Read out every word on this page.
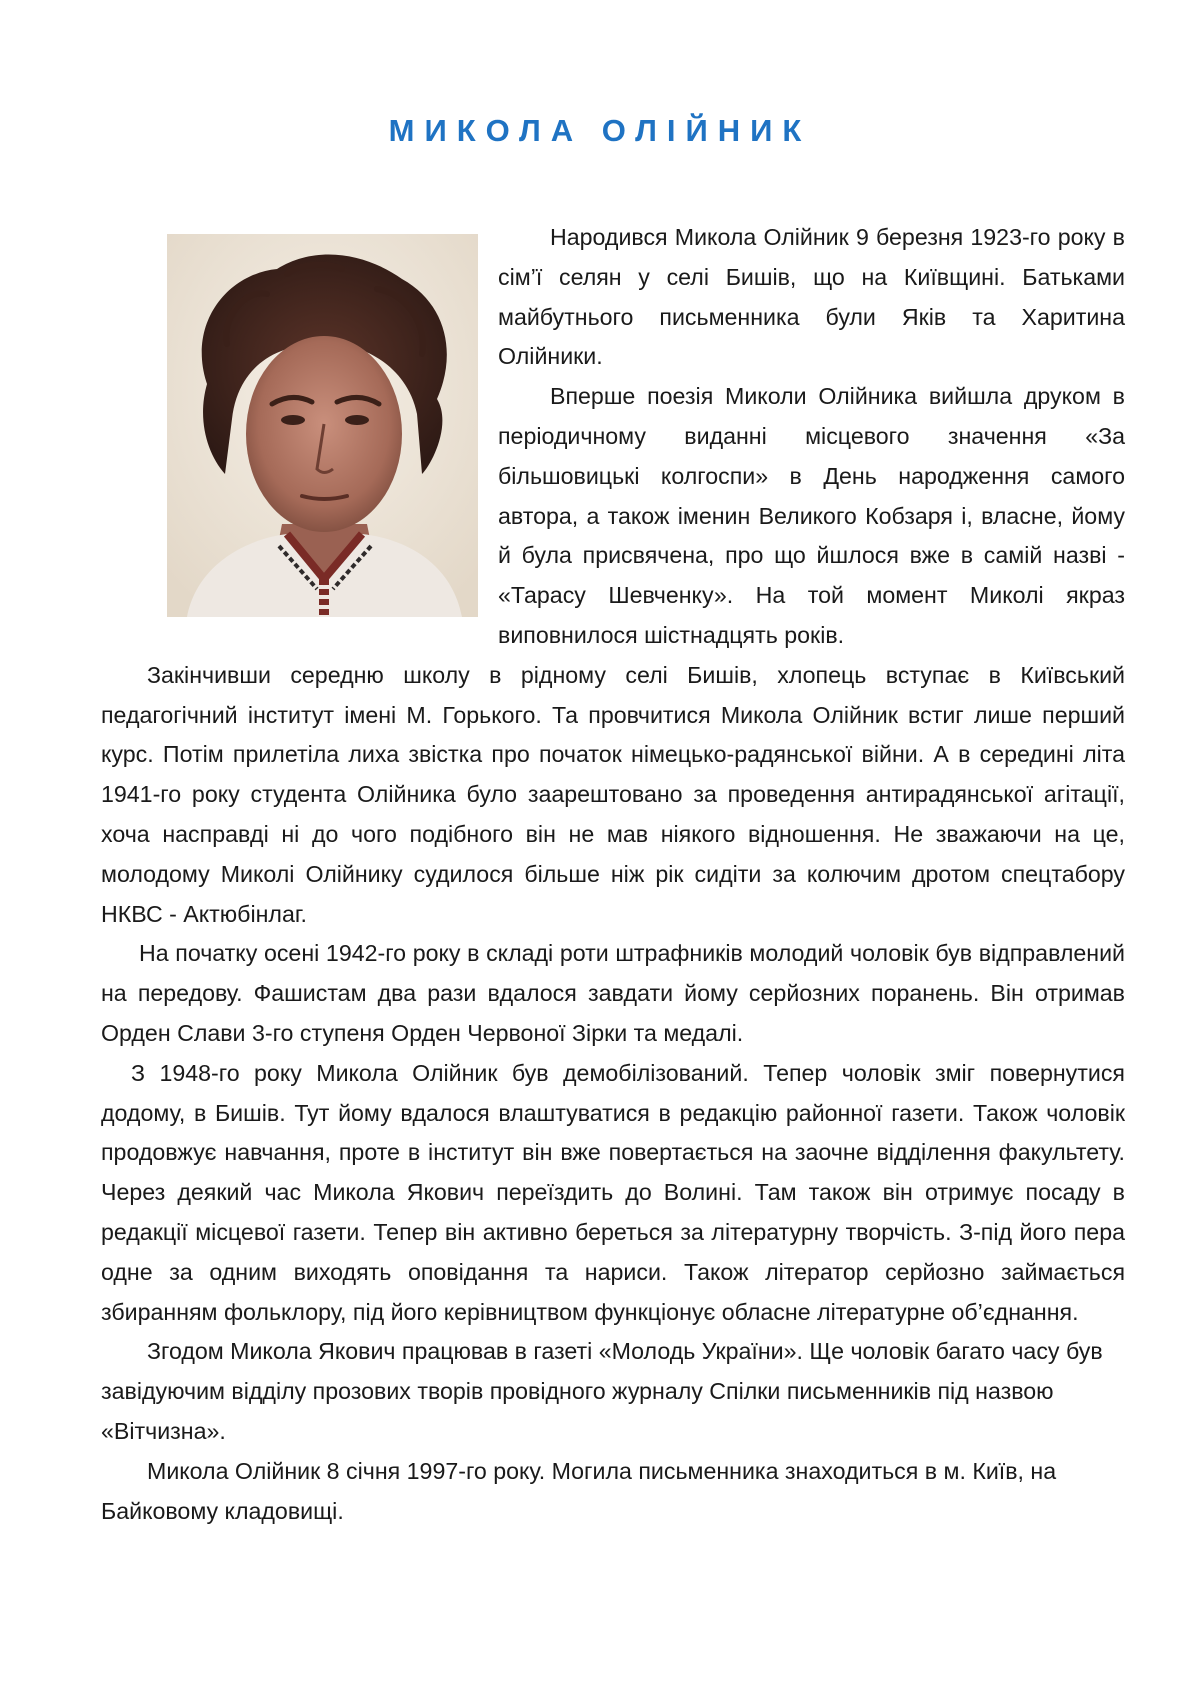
МИКОЛА ОЛІЙНИК

Народився Микола Олійник 9 березня 1923-го року в сім’ї селян у селі Бишів, що на Київщині. Батьками майбутнього письменника були Яків та Харитина Олійники.

Вперше поезія Миколи Олійника вийшла друком в періодичному виданні місцевого значення «За більшовицькі колгоспи» в День народження самого автора, а також іменин Великого Кобзаря і, власне, йому й була присвячена, про що йшлося вже в самій назві - «Тарасу Шевченку». На той момент Миколі якраз виповнилося шістнадцять років.

Закінчивши середню школу в рідному селі Бишів, хлопець вступає в Київський педагогічний інститут імені М. Горького. Та провчитися Микола Олійник встиг лише перший курс. Потім прилетіла лиха звістка про початок німецько-радянської війни. А в середині літа 1941-го року студента Олійника було заарештовано за проведення антирадянської агітації, хоча насправді ні до чого подібного він не мав ніякого відношення. Не зважаючи на це, молодому Миколі Олійнику судилося більше ніж рік сидіти за колючим дротом спецтабору НКВС - Актюбінлаг.

На початку осені 1942-го року в складі роти штрафників молодий чоловік був відправлений на передову. Фашистам два рази вдалося завдати йому серйозних поранень. Він отримав Орден Слави 3-го ступеня Орден Червоної Зірки та медалі.

З 1948-го року Микола Олійник був демобілізований. Тепер чоловік зміг повернутися додому, в Бишів. Тут йому вдалося влаштуватися в редакцію районної газети. Також чоловік продовжує навчання, проте в інститут він вже повертається на заочне відділення факультету. Через деякий час Микола Якович переїздить до Волині. Там також він отримує посаду в редакції місцевої газети. Тепер він активно береться за літературну творчість. З-під його пера одне за одним виходять оповідання та нариси. Також літератор серйозно займається збиранням фольклору, під його керівництвом функціонує обласне літературне об’єднання.

Згодом Микола Якович працював в газеті «Молодь України». Ще чоловік багато часу був завідуючим відділу прозових творів провідного журналу Спілки письменників під назвою «Вітчизна».

Микола Олійник 8 січня 1997-го року. Могила письменника знаходиться в м. Київ, на Байковому кладовищі.
